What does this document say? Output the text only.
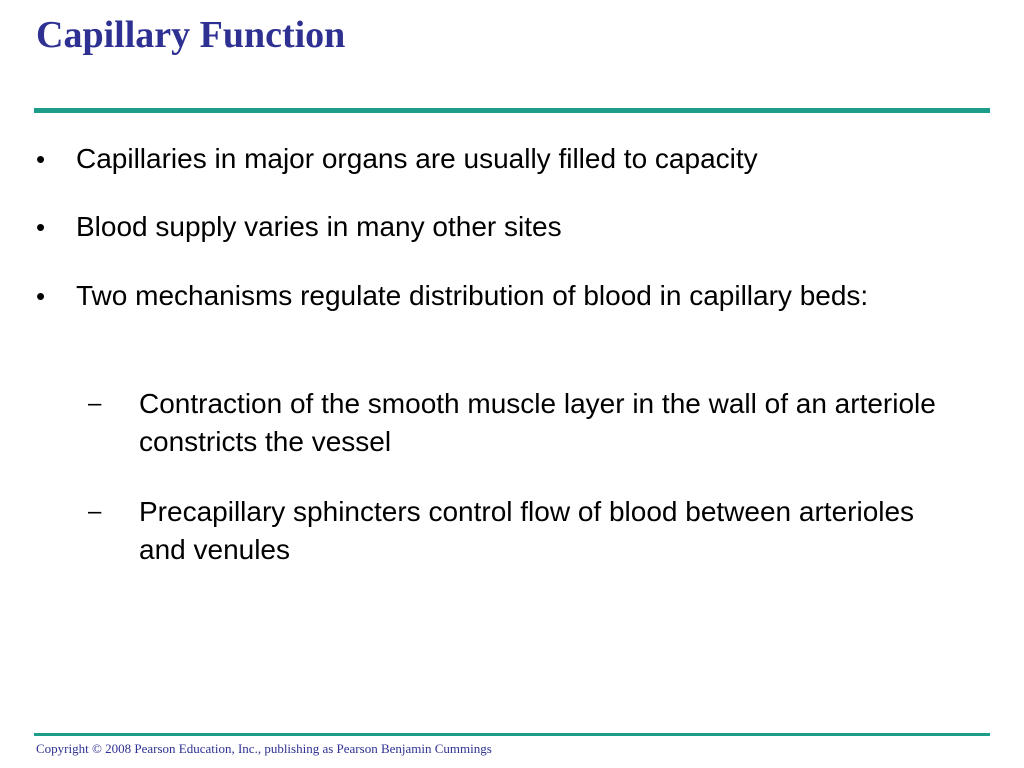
Capillary Function
• Capillaries in major organs are usually filled to capacity
• Blood supply varies in many other sites
• Two mechanisms regulate distribution of blood in capillary beds:
– Contraction of the smooth muscle layer in the wall of an arteriole constricts the vessel
– Precapillary sphincters control flow of blood between arterioles and venules

Copyright © 2008 Pearson Education, Inc., publishing as Pearson Benjamin Cummings
